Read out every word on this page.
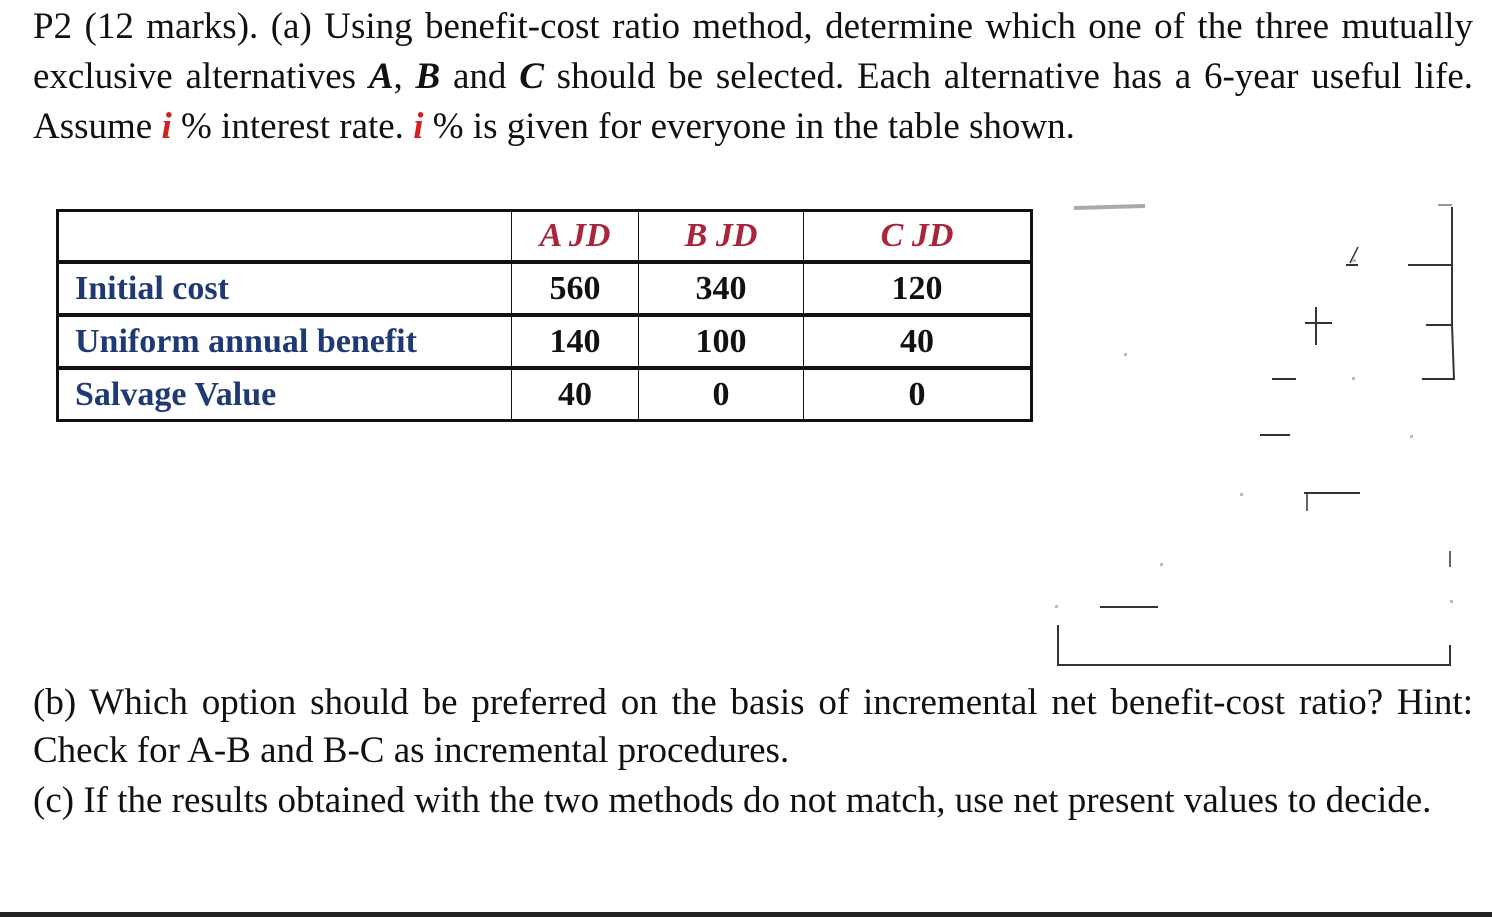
P2 (12 marks). (a) Using benefit-cost ratio method, determine which one of the three mutually exclusive alternatives A, B and C should be selected. Each alternative has a 6-year useful life. Assume i % interest rate. i % is given for everyone in the table shown.
	A JD	B JD	C JD
Initial cost	560	340	120
Uniform annual benefit	140	100	40
Salvage Value	40	0	0
(b) Which option should be preferred on the basis of incremental net benefit-cost ratio? Hint: Check for A-B and B-C as incremental procedures.
(c) If the results obtained with the two methods do not match, use net present values to decide.
